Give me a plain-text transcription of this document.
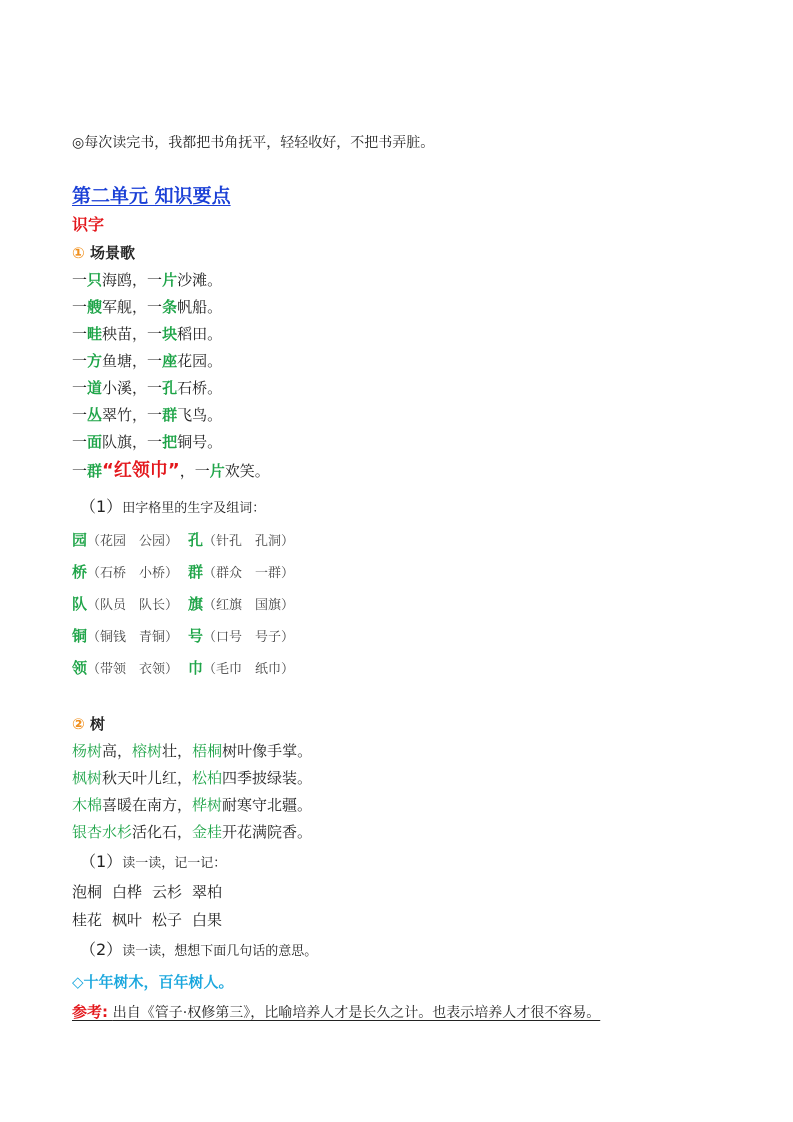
◎每次读完书，我都把书角抚平，轻轻收好，不把书弄脏。
第二单元 知识要点
识字
① 场景歌
一只海鸥，一片沙滩。
一艘军舰，一条帆船。
一畦秧苗，一块稻田。
一方鱼塘，一座花园。
一道小溪，一孔石桥。
一丛翠竹，一群飞鸟。
一面队旗，一把铜号。
一群“红领巾”，一片欢笑。
（1）田字格里的生字及组词：
园（花园　公园） 孔（针孔　孔洞）
桥（石桥　小桥） 群（群众　一群）
队（队员　队长） 旗（红旗　国旗）
铜（铜钱　青铜） 号（口号　号子）
领（带领　衣领） 巾（毛巾　纸巾）
② 树
杨树高，榕树壮，梧桐树叶像手掌。
枫树秋天叶儿红，松柏四季披绿装。
木棉喜暖在南方，桦树耐寒守北疆。
银杏水杉活化石，金桂开花满院香。
（1）读一读，记一记：
泡桐 白桦 云杉 翠柏
桂花 枫叶 松子 白果
（2）读一读，想想下面几句话的意思。
◇十年树木，百年树人。
参考: 出自《管子·权修第三》，比喻培养人才是长久之计。也表示培养人才很不容易。
